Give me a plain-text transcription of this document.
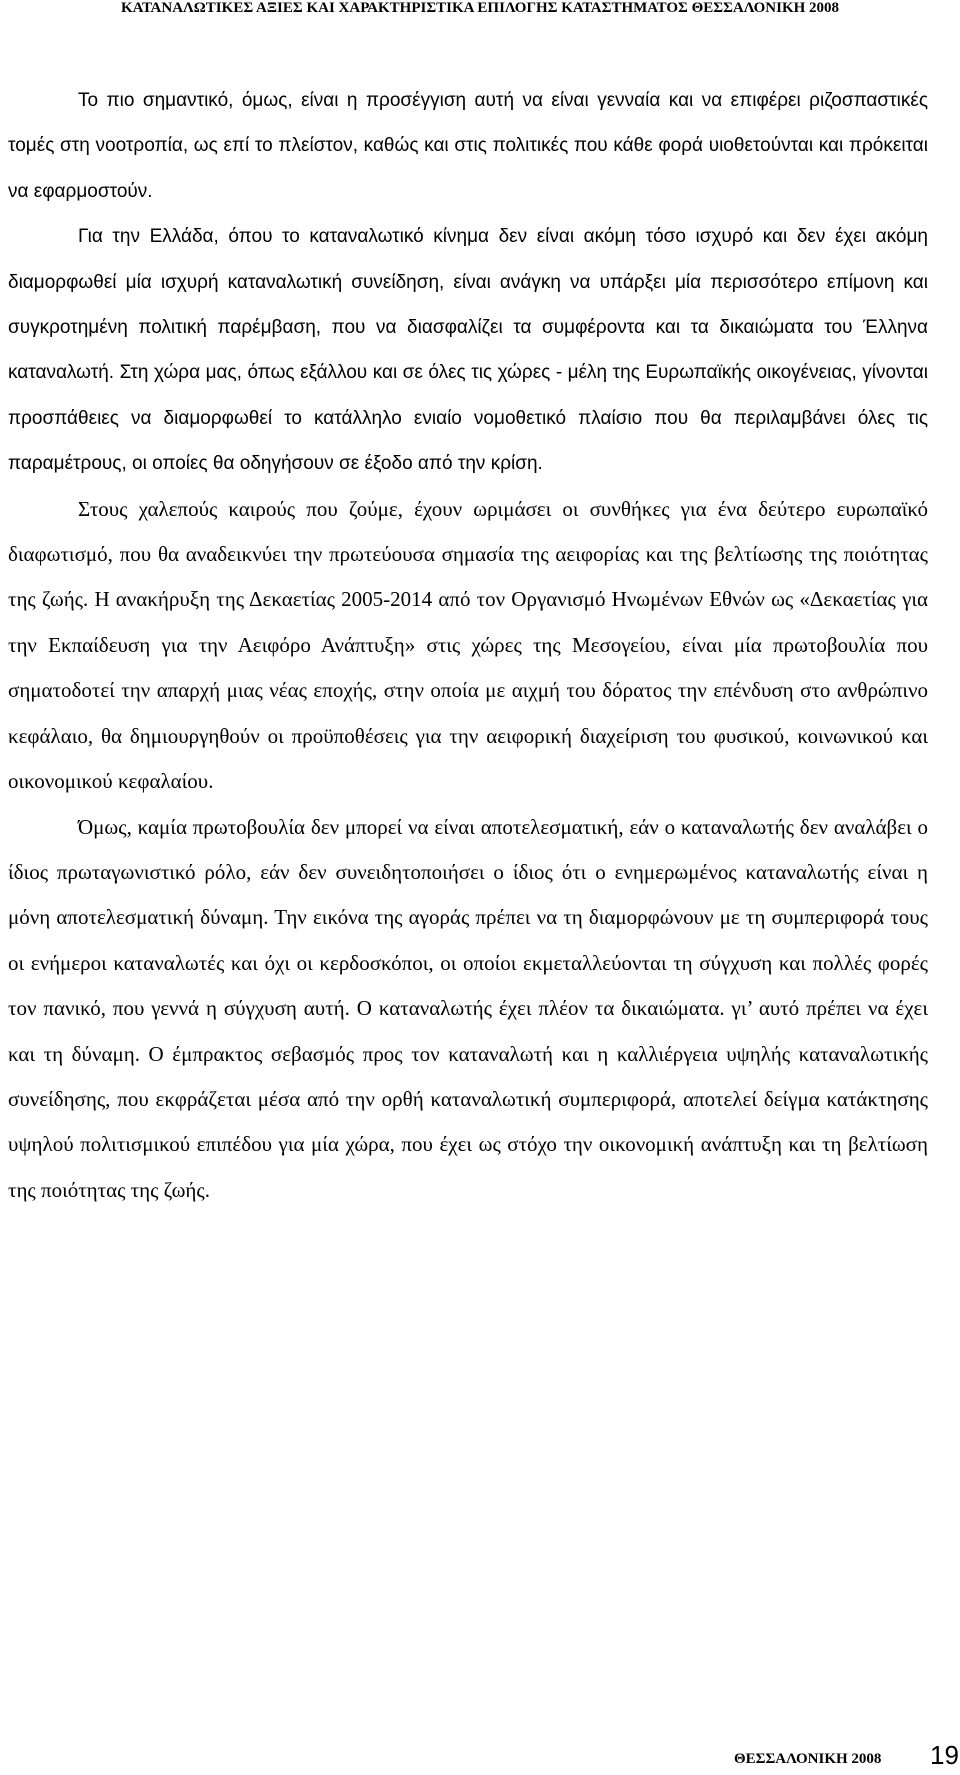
ΚΑΤΑΝΑΛΩΤΙΚΕΣ ΑΞΙΕΣ ΚΑΙ ΧΑΡΑΚΤΗΡΙΣΤΙΚΑ ΕΠΙΛΟΓΗΣ ΚΑΤΑΣΤΗΜΑΤΟΣ ΘΕΣΣΑΛΟΝΙΚΗ 2008

Το πιο σημαντικό, όμως, είναι η προσέγγιση αυτή να είναι γενναία και να επιφέρει ριζοσπαστικές τομές στη νοοτροπία, ως επί το πλείστον, καθώς και στις πολιτικές που κάθε φορά υιοθετούνται και πρόκειται να εφαρμοστούν.

Για την Ελλάδα, όπου το καταναλωτικό κίνημα δεν είναι ακόμη τόσο ισχυρό και δεν έχει ακόμη διαμορφωθεί μία ισχυρή καταναλωτική συνείδηση, είναι ανάγκη να υπάρξει μία περισσότερο επίμονη και συγκροτημένη πολιτική παρέμβαση, που να διασφαλίζει τα συμφέροντα και τα δικαιώματα του Έλληνα καταναλωτή. Στη χώρα μας, όπως εξάλλου και σε όλες τις χώρες - μέλη της Ευρωπαϊκής οικογένειας, γίνονται προσπάθειες να διαμορφωθεί το κατάλληλο ενιαίο νομοθετικό πλαίσιο που θα περιλαμβάνει όλες τις παραμέτρους, οι οποίες θα οδηγήσουν σε έξοδο από την κρίση.

Στους χαλεπούς καιρούς που ζούμε, έχουν ωριμάσει οι συνθήκες για ένα δεύτερο ευρωπαϊκό διαφωτισμό, που θα αναδεικνύει την πρωτεύουσα σημασία της αειφορίας και της βελτίωσης της ποιότητας της ζωής. Η ανακήρυξη της Δεκαετίας 2005-2014 από τον Οργανισμό Ηνωμένων Εθνών ως «Δεκαετίας για την Εκπαίδευση για την Αειφόρο Ανάπτυξη» στις χώρες της Μεσογείου, είναι μία πρωτοβουλία που σηματοδοτεί την απαρχή μιας νέας εποχής, στην οποία με αιχμή του δόρατος την επένδυση στο ανθρώπινο κεφάλαιο, θα δημιουργηθούν οι προϋποθέσεις για την αειφορική διαχείριση του φυσικού, κοινωνικού και οικονομικού κεφαλαίου.

Όμως, καμία πρωτοβουλία δεν μπορεί να είναι αποτελεσματική, εάν ο καταναλωτής δεν αναλάβει ο ίδιος πρωταγωνιστικό ρόλο, εάν δεν συνειδητοποιήσει ο ίδιος ότι ο ενημερωμένος καταναλωτής είναι η μόνη αποτελεσματική δύναμη. Την εικόνα της αγοράς πρέπει να τη διαμορφώνουν με τη συμπεριφορά τους οι ενήμεροι καταναλωτές και όχι οι κερδοσκόποι, οι οποίοι εκμεταλλεύονται τη σύγχυση και πολλές φορές τον πανικό, που γεννά η σύγχυση αυτή. Ο καταναλωτής έχει πλέον τα δικαιώματα. γι’ αυτό πρέπει να έχει και τη δύναμη. Ο έμπρακτος σεβασμός προς τον καταναλωτή και η καλλιέργεια υψηλής καταναλωτικής συνείδησης, που εκφράζεται μέσα από την ορθή καταναλωτική συμπεριφορά, αποτελεί δείγμα κατάκτησης υψηλού πολιτισμικού επιπέδου για μία χώρα, που έχει ως στόχο την οικονομική ανάπτυξη και τη βελτίωση της ποιότητας της ζωής.

ΘΕΣΣΑΛΟΝΙΚΗ 2008 19
